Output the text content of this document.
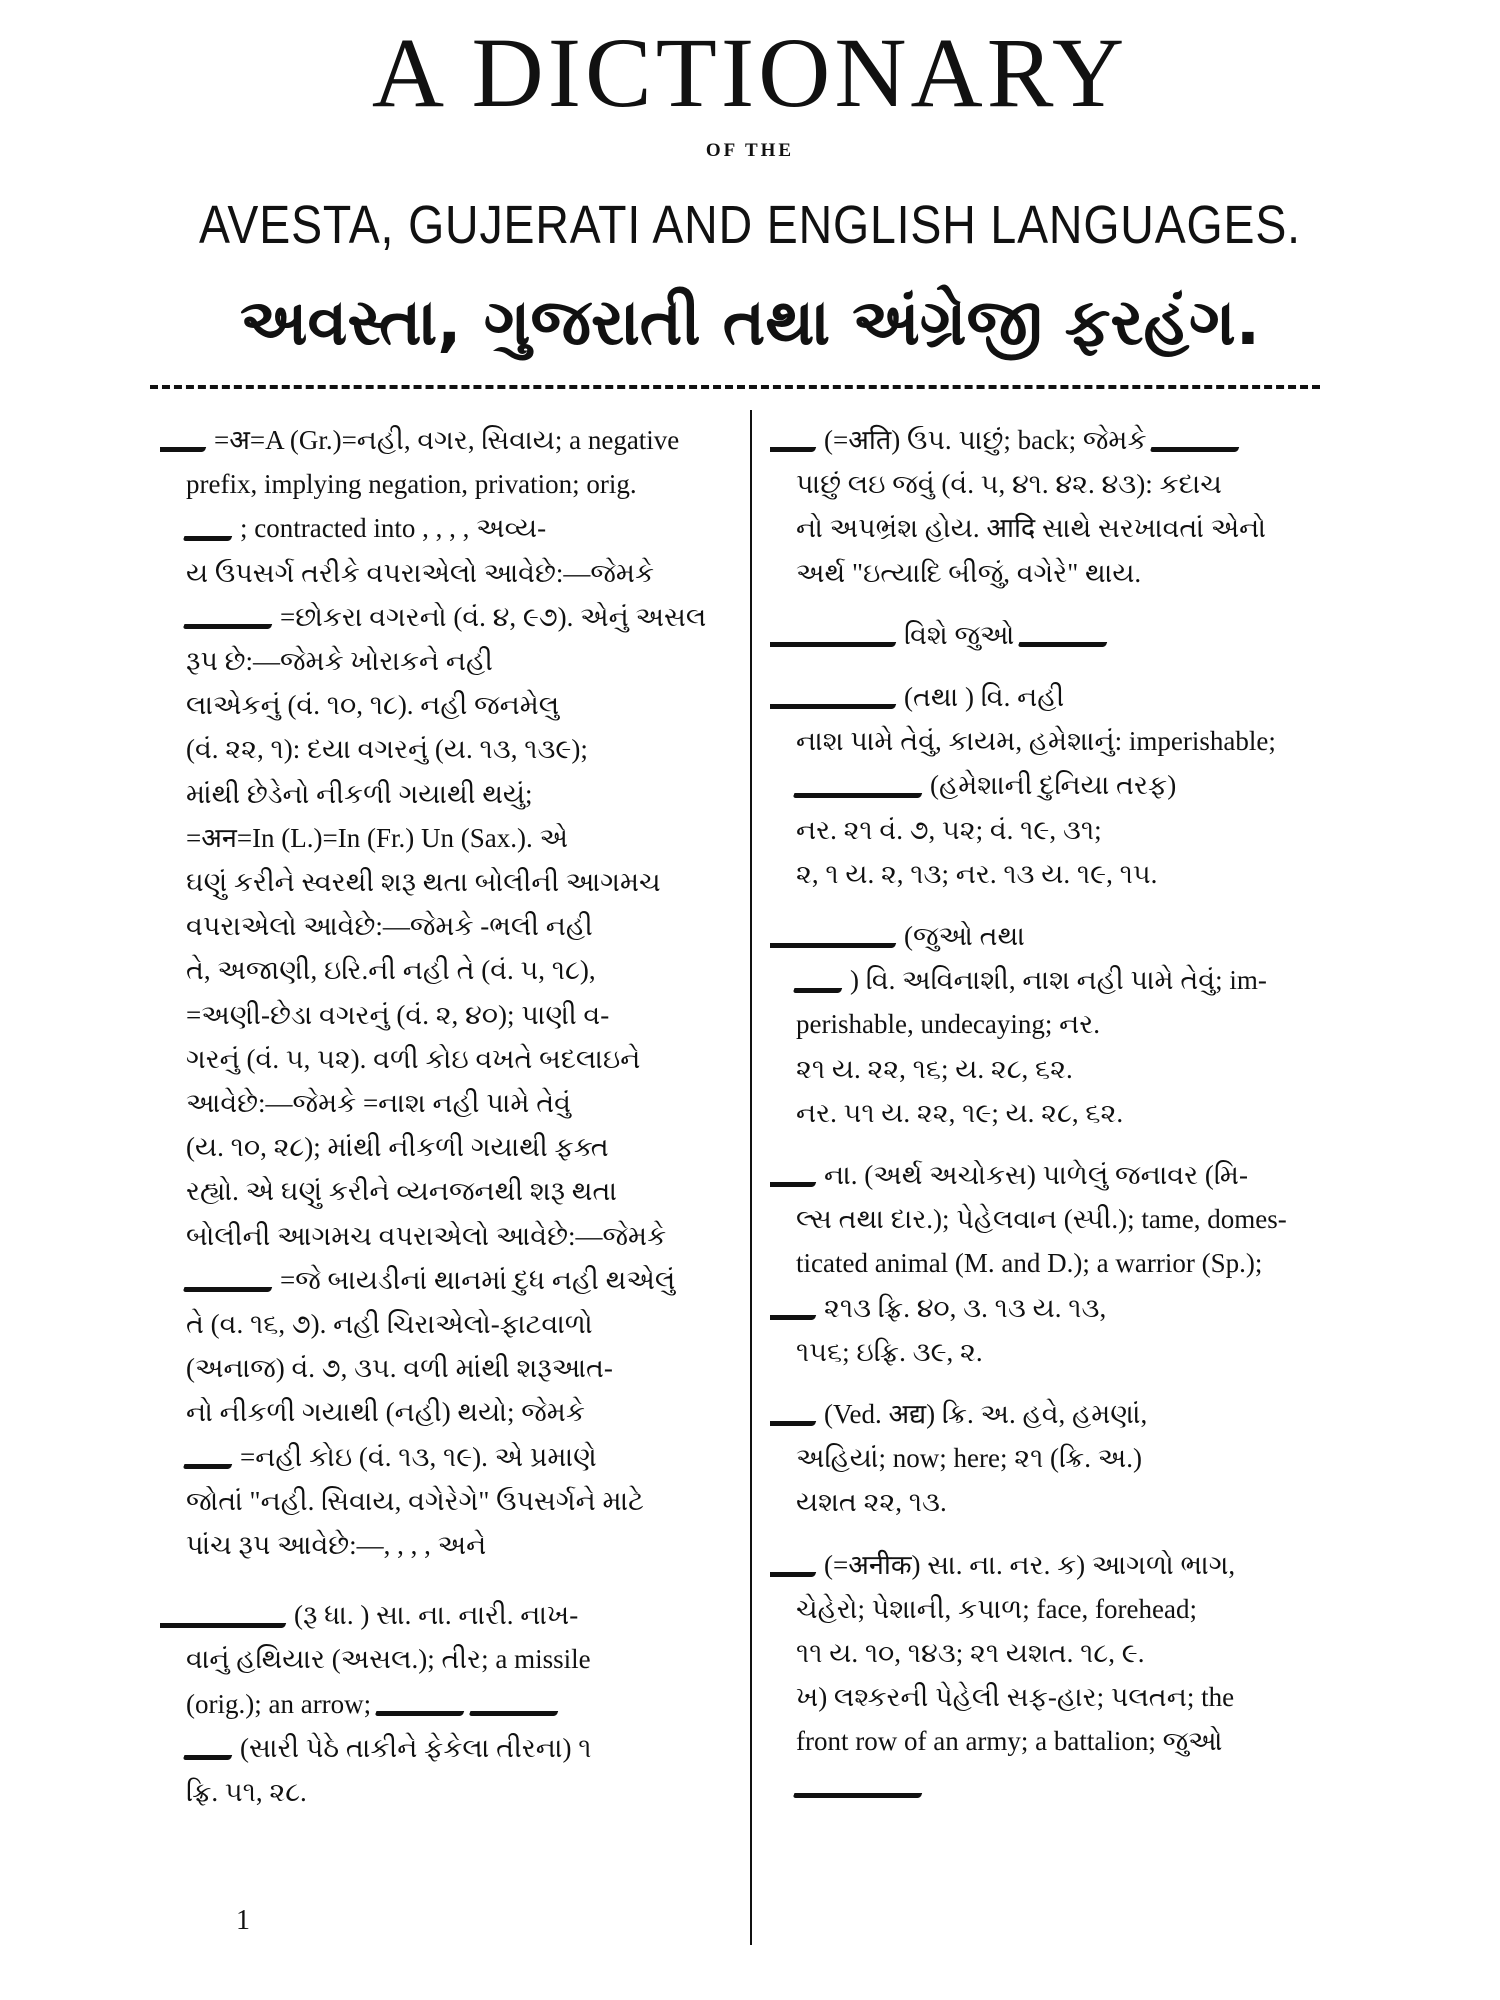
A DICTIONARY
OF THE
AVESTA, GUJERATI AND ENGLISH LANGUAGES.
અવસ્તા, ગુજરાતી તથા અંગ્રેજી ફરહંગ.
=अ=A (Gr.)=નહી, વગર, સિવાય; a negative
prefix, implying negation, privation; orig.
; contracted into , , , , અવ્ય-
ય ઉપસર્ગ તરીકે વપરાએલો આવેછે:—જેમકે
=છોકરા વગરનો (વં. ૪, ૯૭). એનું અસલ
રૂપ છે:—જેમકે ખોરાકને નહી
લાએકનું (વં. ૧૦, ૧૮). નહી જનમેલુ
(વં. ૨૨, ૧): દયા વગરનું (ય. ૧૩, ૧૩૯);
માંથી છેડેનો નીકળી ગયાથી થયું;
=अन=In (L.)=In (Fr.) Un (Sax.). એ
ઘણું કરીને સ્વરથી શરૂ થતા બોલીની આગમચ
વપરાએલો આવેછે:—જેમકે -ભલી નહી
તે, અજાણી, ઇરિ.ની નહી તે (વં. ૫, ૧૮),
=અણી-છેડા વગરનું (વં. ૨, ૪૦); પાણી વ-
ગરનું (વં. ૫, ૫૨). વળી કોઇ વખતે બદલાઇને
આવેછે:—જેમકે =નાશ નહી પામે તેવું
(ય. ૧૦, ૨૮); માંથી નીકળી ગયાથી ફક્ત
રહ્યો. એ ઘણું કરીને વ્યનજનથી શરૂ થતા
બોલીની આગમચ વપરાએલો આવેછે:—જેમકે
=જે બાયડીનાં થાનમાં દુધ નહી થએલું
તે (વ. ૧૬, ૭). નહી ચિરાએલો-ફાટવાળો
(અનાજ) વં. ૭, ૩૫. વળી માંથી શરૂઆત-
નો નીકળી ગયાથી (નહી) થયો; જેમકે
=નહી કોઇ (વં. ૧૩, ૧૯). એ પ્રમાણે
જોતાં "નહી. સિવાય, વગેરેગે" ઉપસર્ગને માટે
પાંચ રૂપ આવેછે:—, , , , અને
(રૂ ધા. ) સા. ના. નારી. નાખ-
વાનું હથિયાર (અસલ.); તીર; a missile
(orig.); an arrow;
(સારી પેઠે તાકીને ફેકેલા તીરના) ૧
ફ્રિ. ૫૧, ૨૮.
(=अति) ઉપ. પાછું; back; જેમકે
પાછું લઇ જવું (વં. ૫, ૪૧. ૪૨. ૪૩): કદાચ
નો અપભ્રંશ હોય. आदि સાથે સરખાવતાં એનો
અર્થ "ઇત્યાદિ બીજું, વગેરે" થાય.
વિશે જુઓ
(તથા ) વિ. નહી
નાશ પામે તેવું, કાયમ, હમેશાનું: imperishable;
(હમેશાની દુનિયા તરફ)
નર. ૨૧ વં. ૭, ૫૨; વં. ૧૯, ૩૧;
૨, ૧ ય. ૨, ૧૩; નર. ૧૩ ય. ૧૯, ૧૫.
(જુઓ તથા
) વિ. અવિનાશી, નાશ નહી પામે તેવું; im-
perishable, undecaying; નર.
૨૧ ય. ૨૨, ૧૬; ય. ૨૮, ૬૨.
નર. ૫૧ ય. ૨૨, ૧૯; ય. ૨૮, ૬૨.
ના. (અર્થ અચોકસ) પાળેલું જનાવર (મિ-
લ્સ તથા દાર.); પેહેલવાન (સ્પી.); tame, domes-
ticated animal (M. and D.); a warrior (Sp.);
૨૧૩ ફ્રિ. ૪૦, ૩. ૧૩ ય. ૧૩,
૧૫૬; ઇફ્રિ. ૩૯, ૨.
(Ved. अद्य) ક્રિ. અ. હવે, હમણાં,
અહિયાં; now; here; ૨૧ (ક્રિ. અ.)
યશત ૨૨, ૧૩.
(=अनीक) સા. ના. નર. ક) આગળો ભાગ,
ચેહેરો; પેશાની, કપાળ; face, forehead;
૧૧ ય. ૧૦, ૧૪૩; ૨૧ યશત. ૧૮, ૯.
ખ) લશ્કરની પેહેલી સફ-હાર; પલતન; the
front row of an army; a battalion; જુઓ
1
